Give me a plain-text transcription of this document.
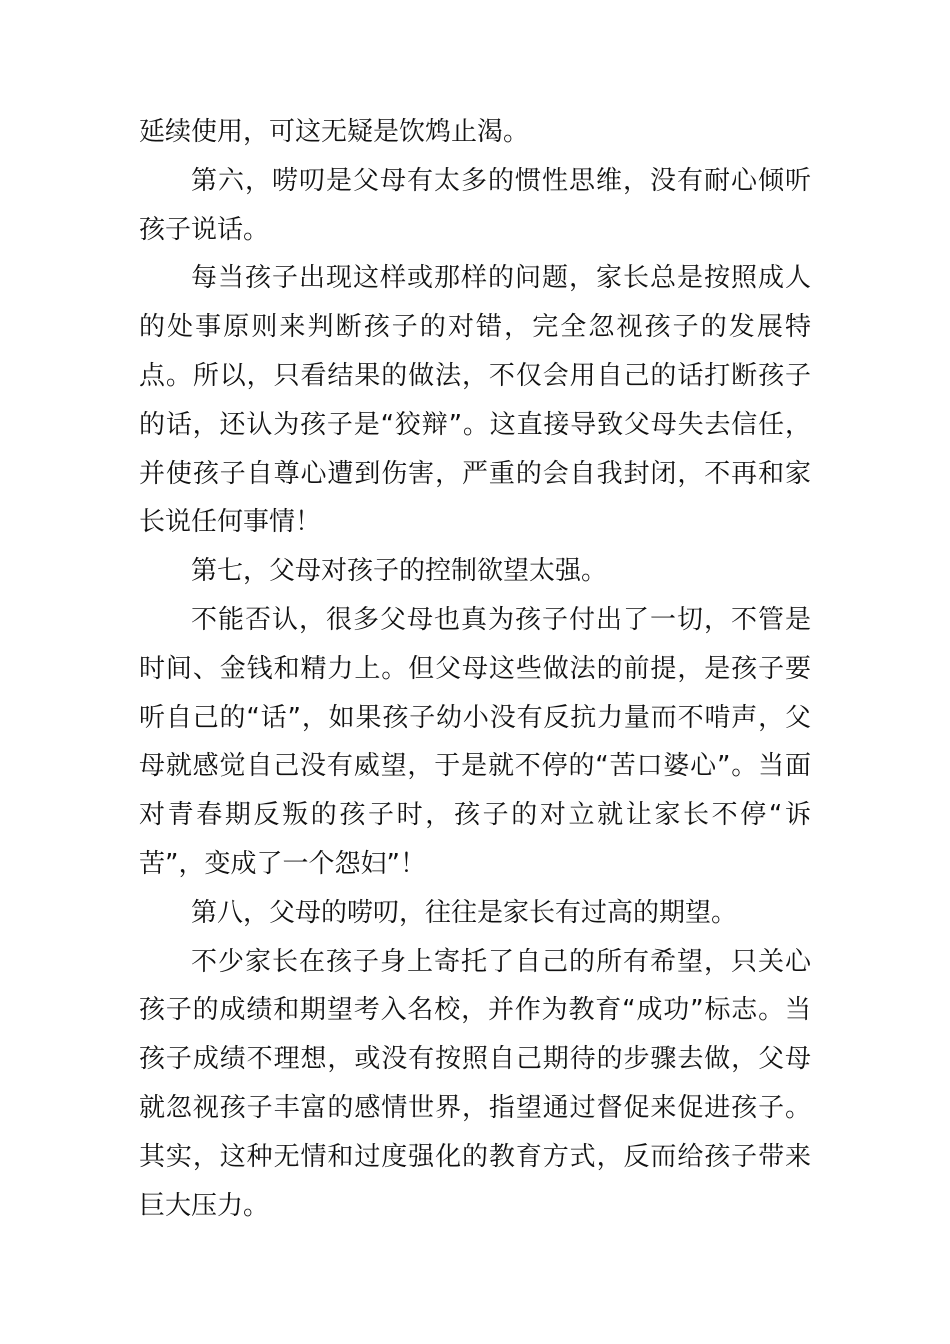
延续使用，可这无疑是饮鸩止渴。

第六，唠叨是父母有太多的惯性思维，没有耐心倾听孩子说话。

每当孩子出现这样或那样的问题，家长总是按照成人的处事原则来判断孩子的对错，完全忽视孩子的发展特点。所以，只看结果的做法，不仅会用自己的话打断孩子的话，还认为孩子是“狡辩”。这直接导致父母失去信任，并使孩子自尊心遭到伤害，严重的会自我封闭，不再和家长说任何事情！

第七，父母对孩子的控制欲望太强。

不能否认，很多父母也真为孩子付出了一切，不管是时间、金钱和精力上。但父母这些做法的前提，是孩子要听自己的“话”，如果孩子幼小没有反抗力量而不啃声，父母就感觉自己没有威望，于是就不停的“苦口婆心”。当面对青春期反叛的孩子时，孩子的对立就让家长不停“诉苦”，变成了一个怨妇”！

第八，父母的唠叨，往往是家长有过高的期望。

不少家长在孩子身上寄托了自己的所有希望，只关心孩子的成绩和期望考入名校，并作为教育“成功”标志。当孩子成绩不理想，或没有按照自己期待的步骤去做，父母就忽视孩子丰富的感情世界，指望通过督促来促进孩子。其实，这种无情和过度强化的教育方式，反而给孩子带来巨大压力。
